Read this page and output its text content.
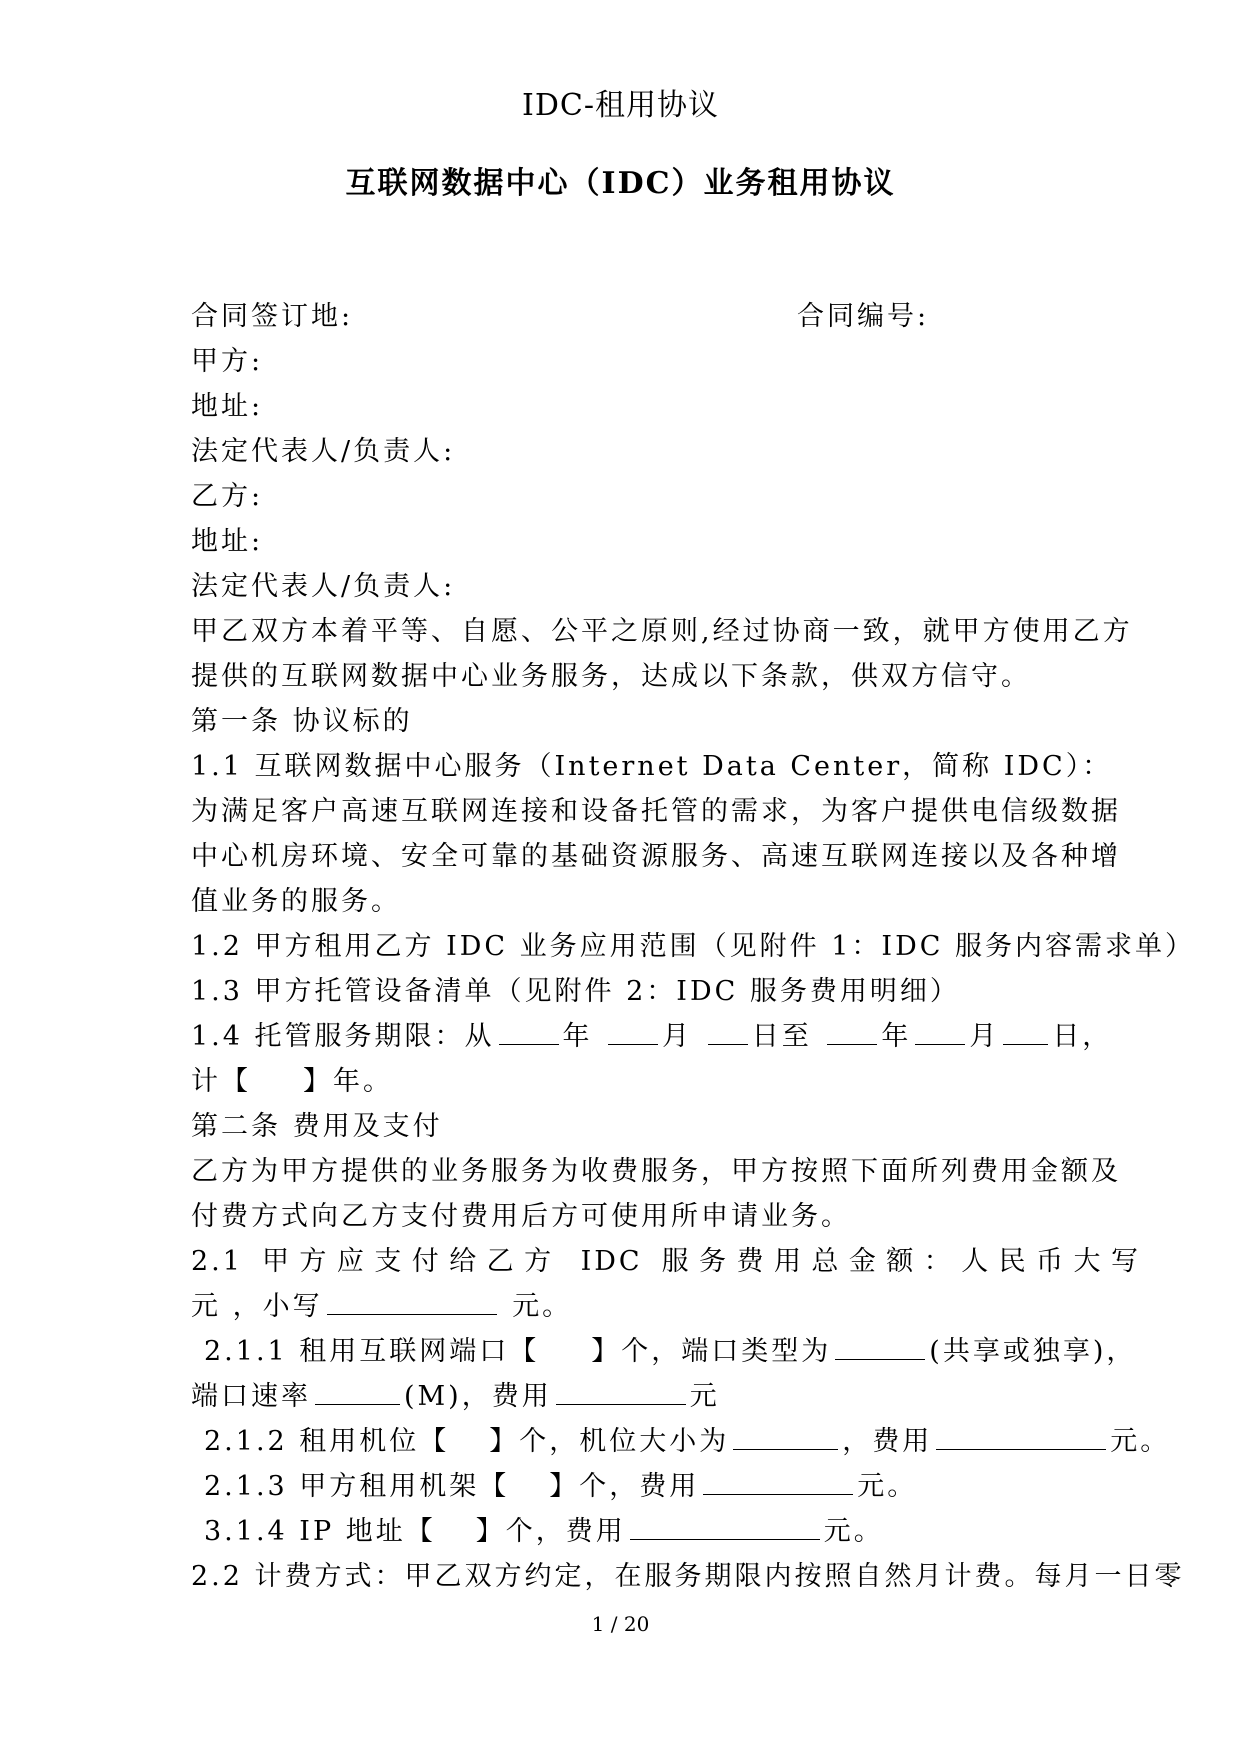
IDC-租用协议
互联网数据中心（IDC）业务租用协议
合同签订地:	合同编号:
甲方:
地址:
法定代表人/负责人:
乙方:
地址:
法定代表人/负责人:
甲乙双方本着平等、自愿、公平之原则,经过协商一致，就甲方使用乙方提供的互联网数据中心业务服务，达成以下条款，供双方信守。
第一条 协议标的
1.1 互联网数据中心服务（Internet Data Center，简称 IDC）：为满足客户高速互联网连接和设备托管的需求，为客户提供电信级数据中心机房环境、安全可靠的基础资源服务、高速互联网连接以及各种增值业务的服务。
1.2 甲方租用乙方 IDC 业务应用范围（见附件 1：IDC 服务内容需求单）
1.3 甲方托管设备清单（见附件 2：IDC 服务费用明细）
1.4 托管服务期限：从	年	月 日至	年 月 日，
计【 】年。
第二条 费用及支付
乙方为甲方提供的业务服务为收费服务，甲方按照下面所列费用金额及付费方式向乙方支付费用后方可使用所申请业务。
2.1 甲方应支付给乙方 IDC 服务费用总金额：人民币大写
元 ，小写	元。
2.1.1 租用互联网端口【 】个，端口类型为	(共享或独享)，
端口速率	(M)，费用	元
2.1.2 租用机位【 】个，机位大小为	，费用	元。
2.1.3 甲方租用机架【 】个，费用	元。
3.1.4 IP 地址【 】个，费用	元。
2.2 计费方式：甲乙双方约定，在服务期限内按照自然月计费。每月一日零
1 / 20
